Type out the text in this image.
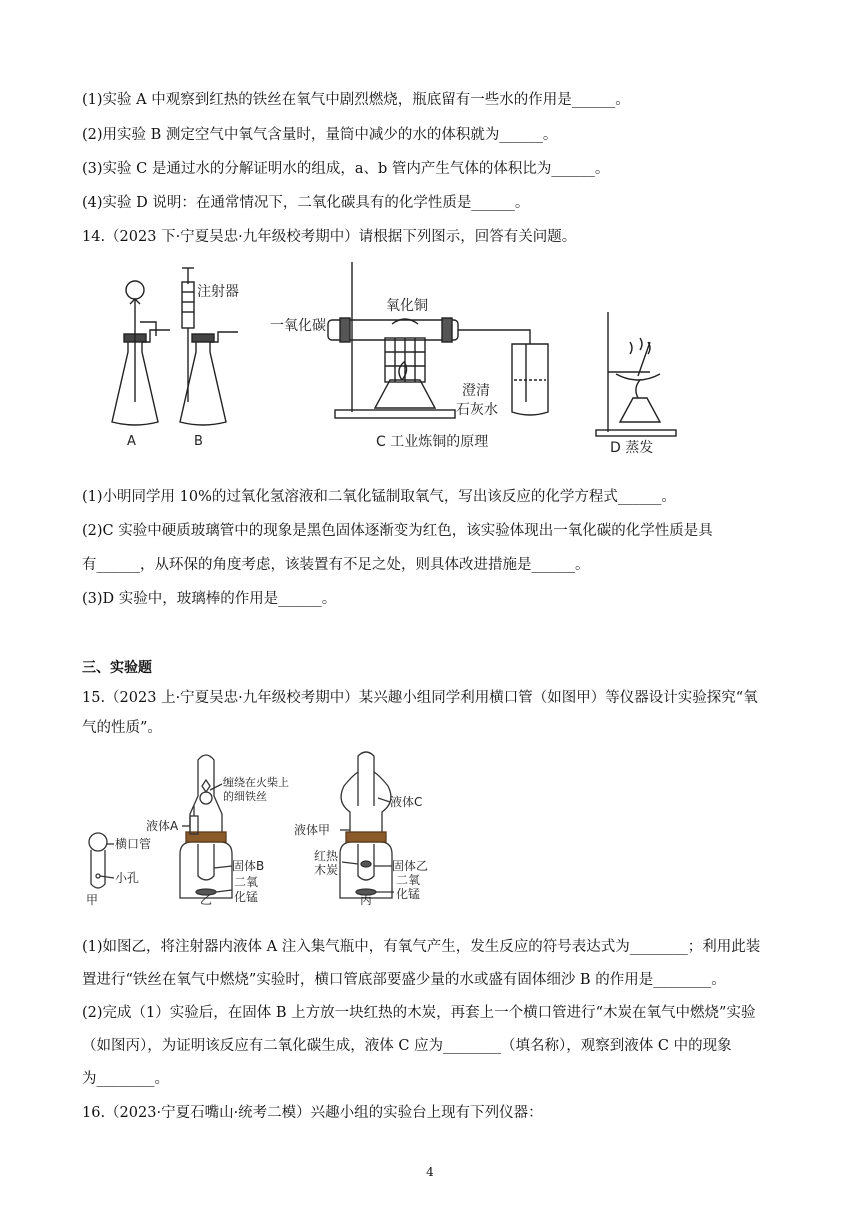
(1)实验 A 中观察到红热的铁丝在氧气中剧烈燃烧，瓶底留有一些水的作用是______。
(2)用实验 B 测定空气中氧气含量时，量筒中减少的水的体积就为______。
(3)实验 C 是通过水的分解证明水的组成，a、b 管内产生气体的体积比为______。
(4)实验 D 说明：在通常情况下，二氧化碳具有的化学性质是______。
14.（2023 下·宁夏吴忠·九年级校考期中）请根据下列图示，回答有关问题。
A	B
注射器
一氧化碳
氧化铜
澄清
石灰水
C 工业炼铜的原理	D 蒸发
(1)小明同学用 10%的过氧化氢溶液和二氧化锰制取氧气，写出该反应的化学方程式______。
(2)C 实验中硬质玻璃管中的现象是黑色固体逐渐变为红色，该实验体现出一氧化碳的化学性质是具
有______，从环保的角度考虑，该装置有不足之处，则具体改进措施是______。
(3)D 实验中，玻璃棒的作用是______。
三、实验题
15.（2023 上·宁夏吴忠·九年级校考期中）某兴趣小组同学利用横口管（如图甲）等仪器设计实验探究“氧
气的性质”。
横口管
小孔
甲	乙	丙
液体A
缠绕在火柴上
的细铁丝
固体B
二氧
化锰
液体C
液体甲
红热
木炭	固体乙
二氧
化锰
(1)如图乙，将注射器内液体 A 注入集气瓶中，有氧气产生，发生反应的符号表达式为________；利用此装
置进行“铁丝在氧气中燃烧”实验时，横口管底部要盛少量的水或盛有固体细沙 B 的作用是________。
(2)完成（1）实验后，在固体 B 上方放一块红热的木炭，再套上一个横口管进行“木炭在氧气中燃烧”实验
（如图丙），为证明该反应有二氧化碳生成，液体 C 应为________（填名称），观察到液体 C 中的现象
为________。
16.（2023·宁夏石嘴山·统考二模）兴趣小组的实验台上现有下列仪器：
4
